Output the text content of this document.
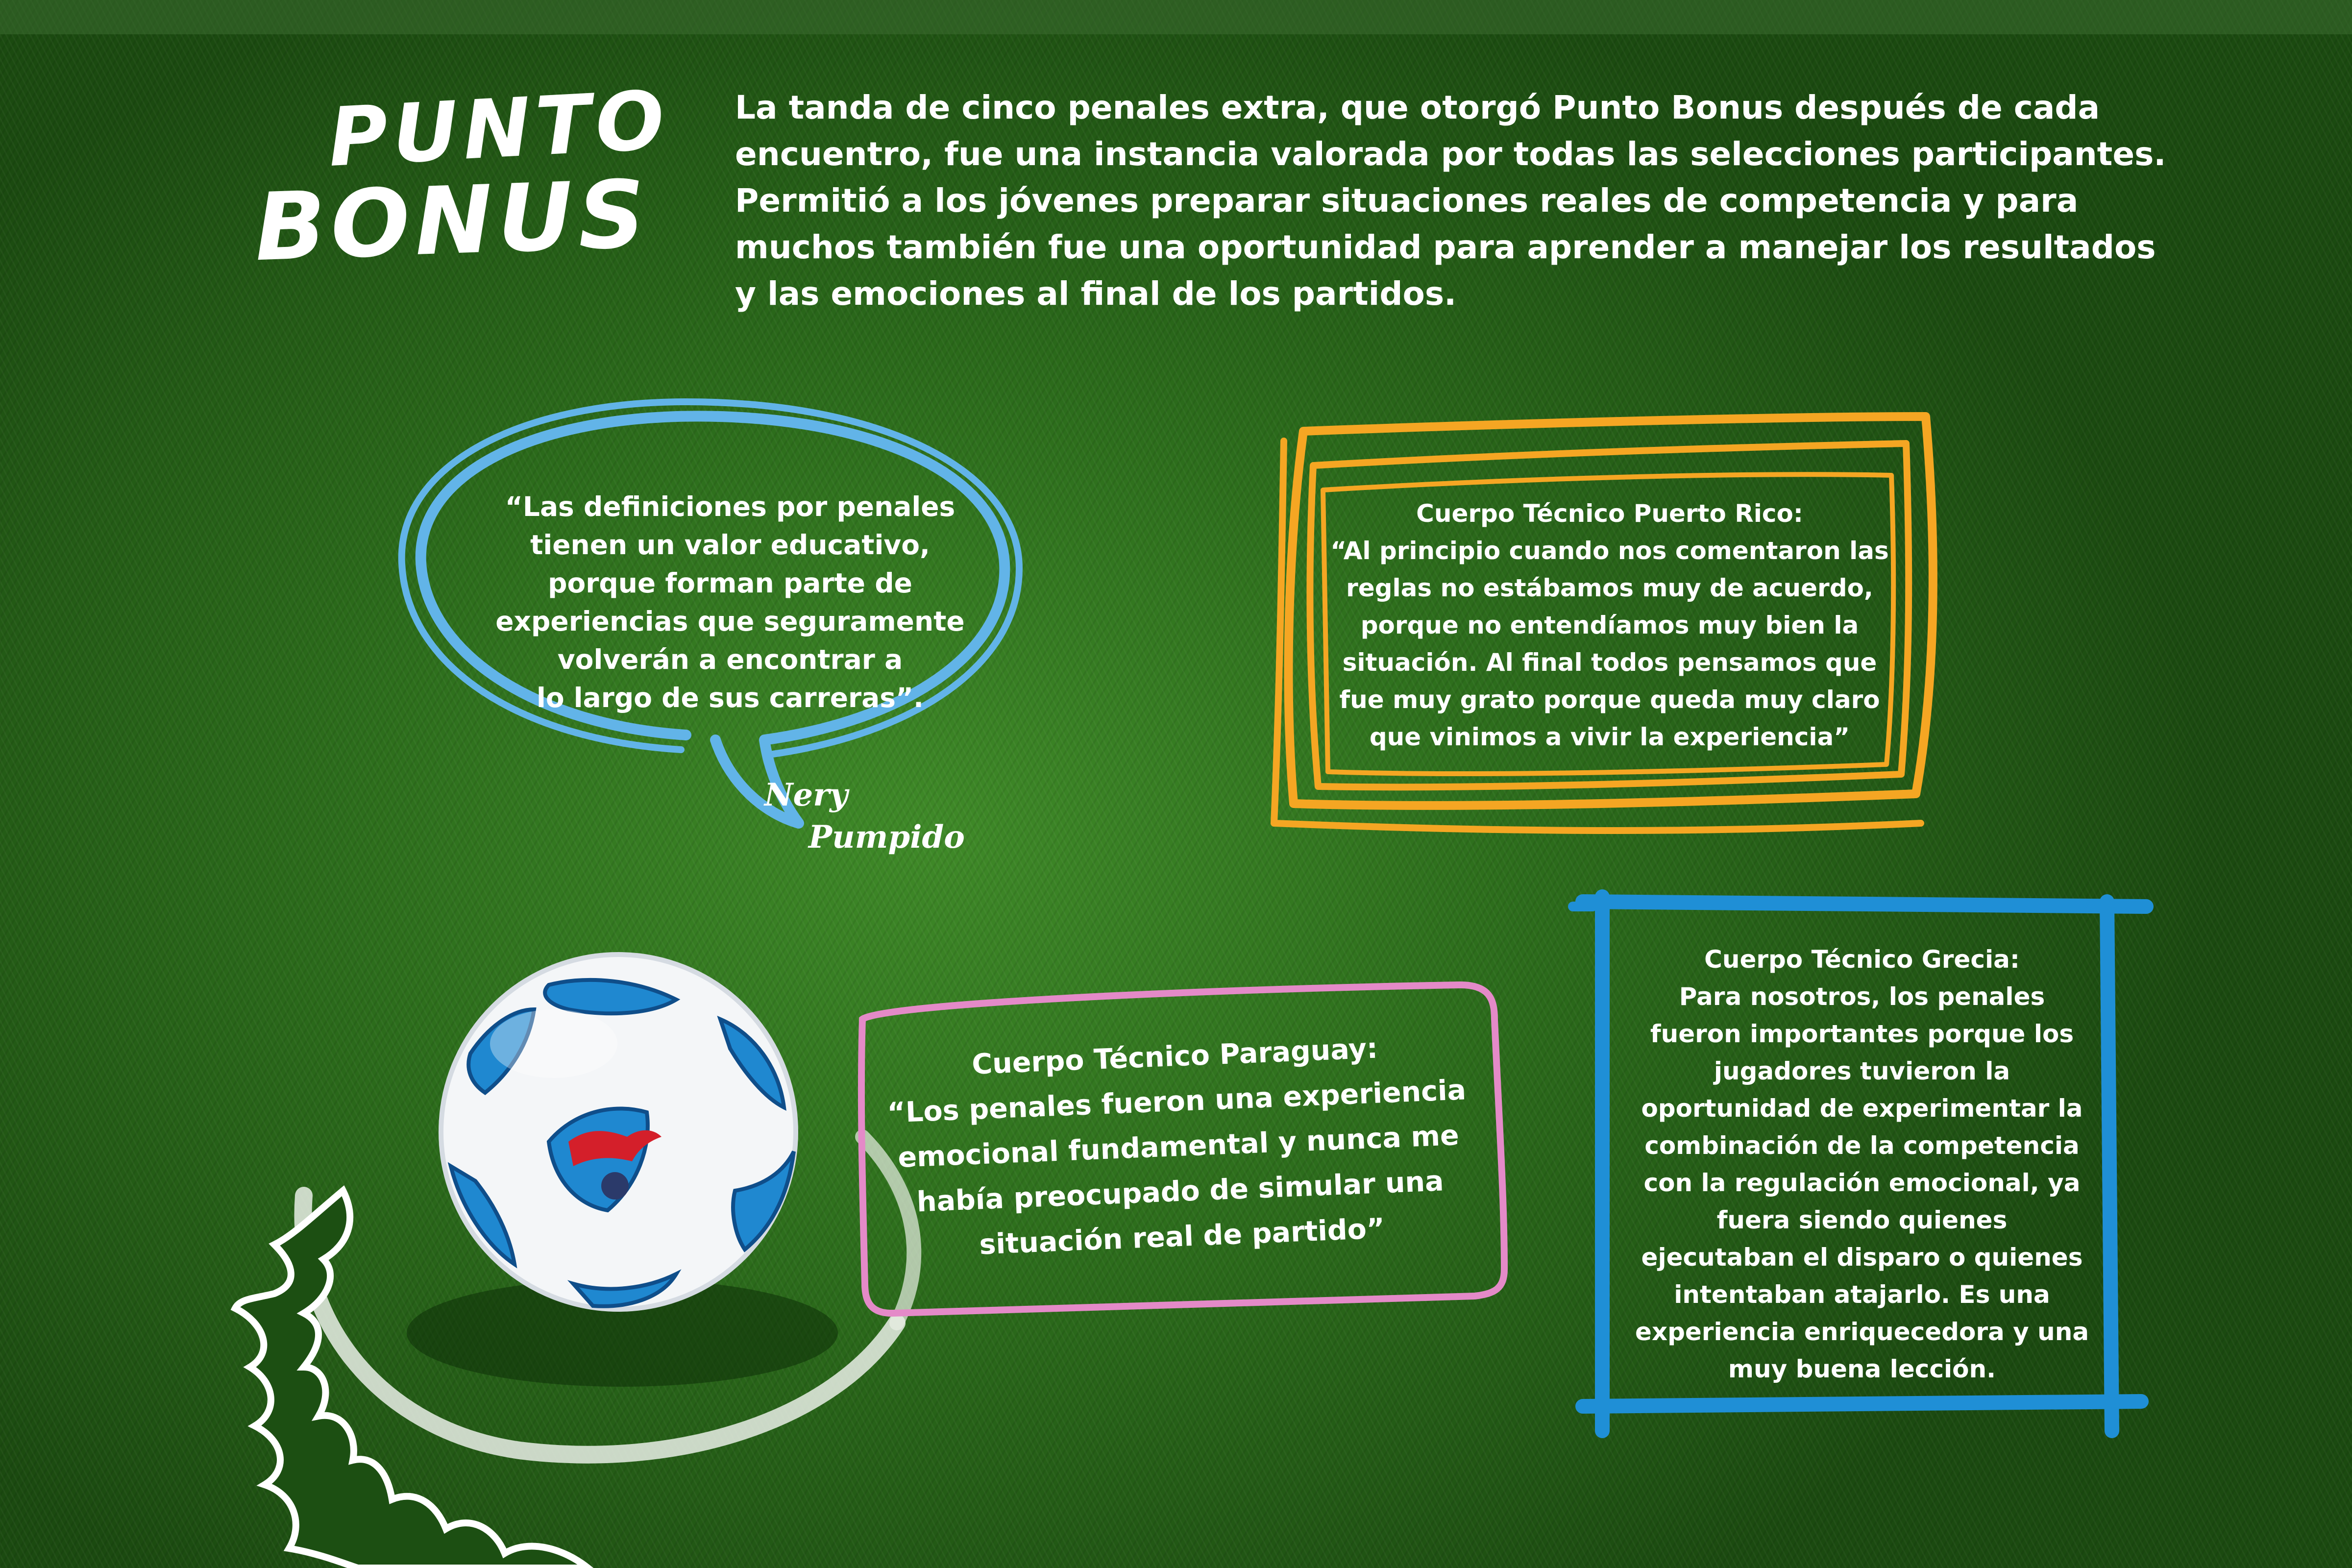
PUNTO
BONUS
La tanda de cinco penales extra, que otorgó Punto Bonus después de cada encuentro, fue una instancia valorada por todas las selecciones participantes. Permitió a los jóvenes preparar situaciones reales de competencia y para muchos también fue una oportunidad para aprender a manejar los resultados y las emociones al final de los partidos.
“Las definiciones por penales
tienen un valor educativo,
porque forman parte de
experiencias que seguramente
volverán a encontrar a
lo largo de sus carreras”.
Nery
Pumpido
Cuerpo Técnico Puerto Rico:
“Al principio cuando nos comentaron las
reglas no estábamos muy de acuerdo,
porque no entendíamos muy bien la
situación. Al final todos pensamos que
fue muy grato porque queda muy claro
que vinimos a vivir la experiencia”
Cuerpo Técnico Paraguay:
“Los penales fueron una experiencia
emocional fundamental y nunca me
había preocupado de simular una
situación real de partido”
Cuerpo Técnico Grecia:
Para nosotros, los penales
fueron importantes porque los
jugadores tuvieron la
oportunidad de experimentar la
combinación de la competencia
con la regulación emocional, ya
fuera siendo quienes
ejecutaban el disparo o quienes
intentaban atajarlo. Es una
experiencia enriquecedora y una
muy buena lección.
